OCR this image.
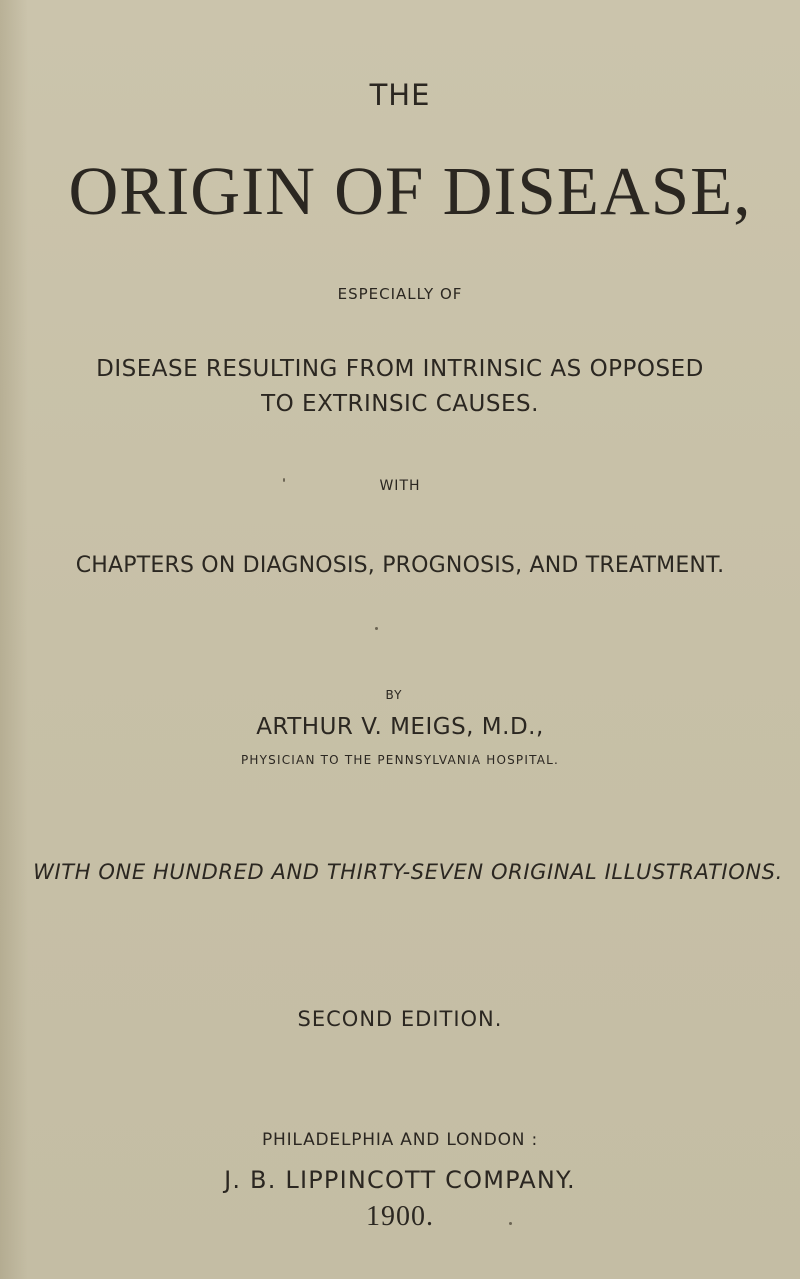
THE
ORIGIN OF DISEASE,
ESPECIALLY OF
DISEASE RESULTING FROM INTRINSIC AS OPPOSED
TO EXTRINSIC CAUSES.
WITH
CHAPTERS ON DIAGNOSIS, PROGNOSIS, AND TREATMENT.
BY
ARTHUR V. MEIGS, M.D.,
PHYSICIAN TO THE PENNSYLVANIA HOSPITAL.
WITH ONE HUNDRED AND THIRTY-SEVEN ORIGINAL ILLUSTRATIONS.
SECOND EDITION.
PHILADELPHIA AND LONDON :
J. B. LIPPINCOTT COMPANY.
1900.
